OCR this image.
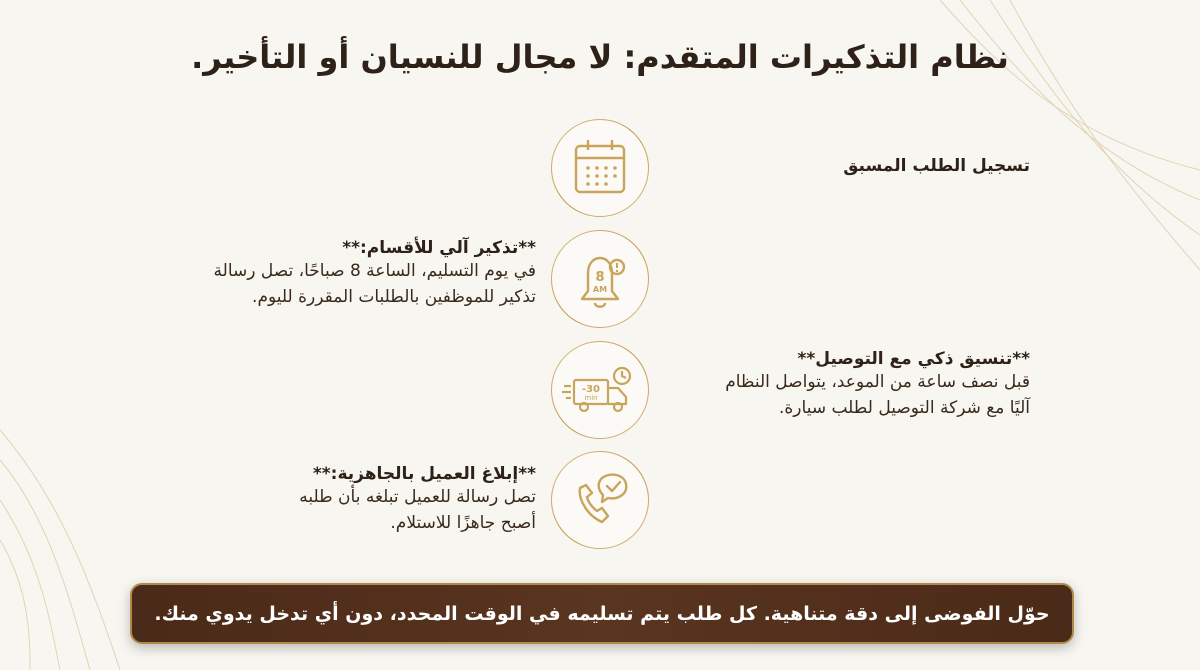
نظام التذكيرات المتقدم: لا مجال للنسيان أو التأخير.
تسجيل الطلب المسبق
8
AM
**تذكير آلي للأقسام:**
في يوم التسليم، الساعة 8 صباحًا، تصل رسالة
تذكير للموظفين بالطلبات المقررة لليوم.
-30
min
**تنسيق ذكي مع التوصيل**
قبل نصف ساعة من الموعد، يتواصل النظام
آليًا مع شركة التوصيل لطلب سيارة.
**إبلاغ العميل بالجاهزية:**
تصل رسالة للعميل تبلغه بأن طلبه
أصبح جاهزًا للاستلام.
حوّل الفوضى إلى دقة متناهية. كل طلب يتم تسليمه في الوقت المحدد، دون أي تدخل يدوي منك.
